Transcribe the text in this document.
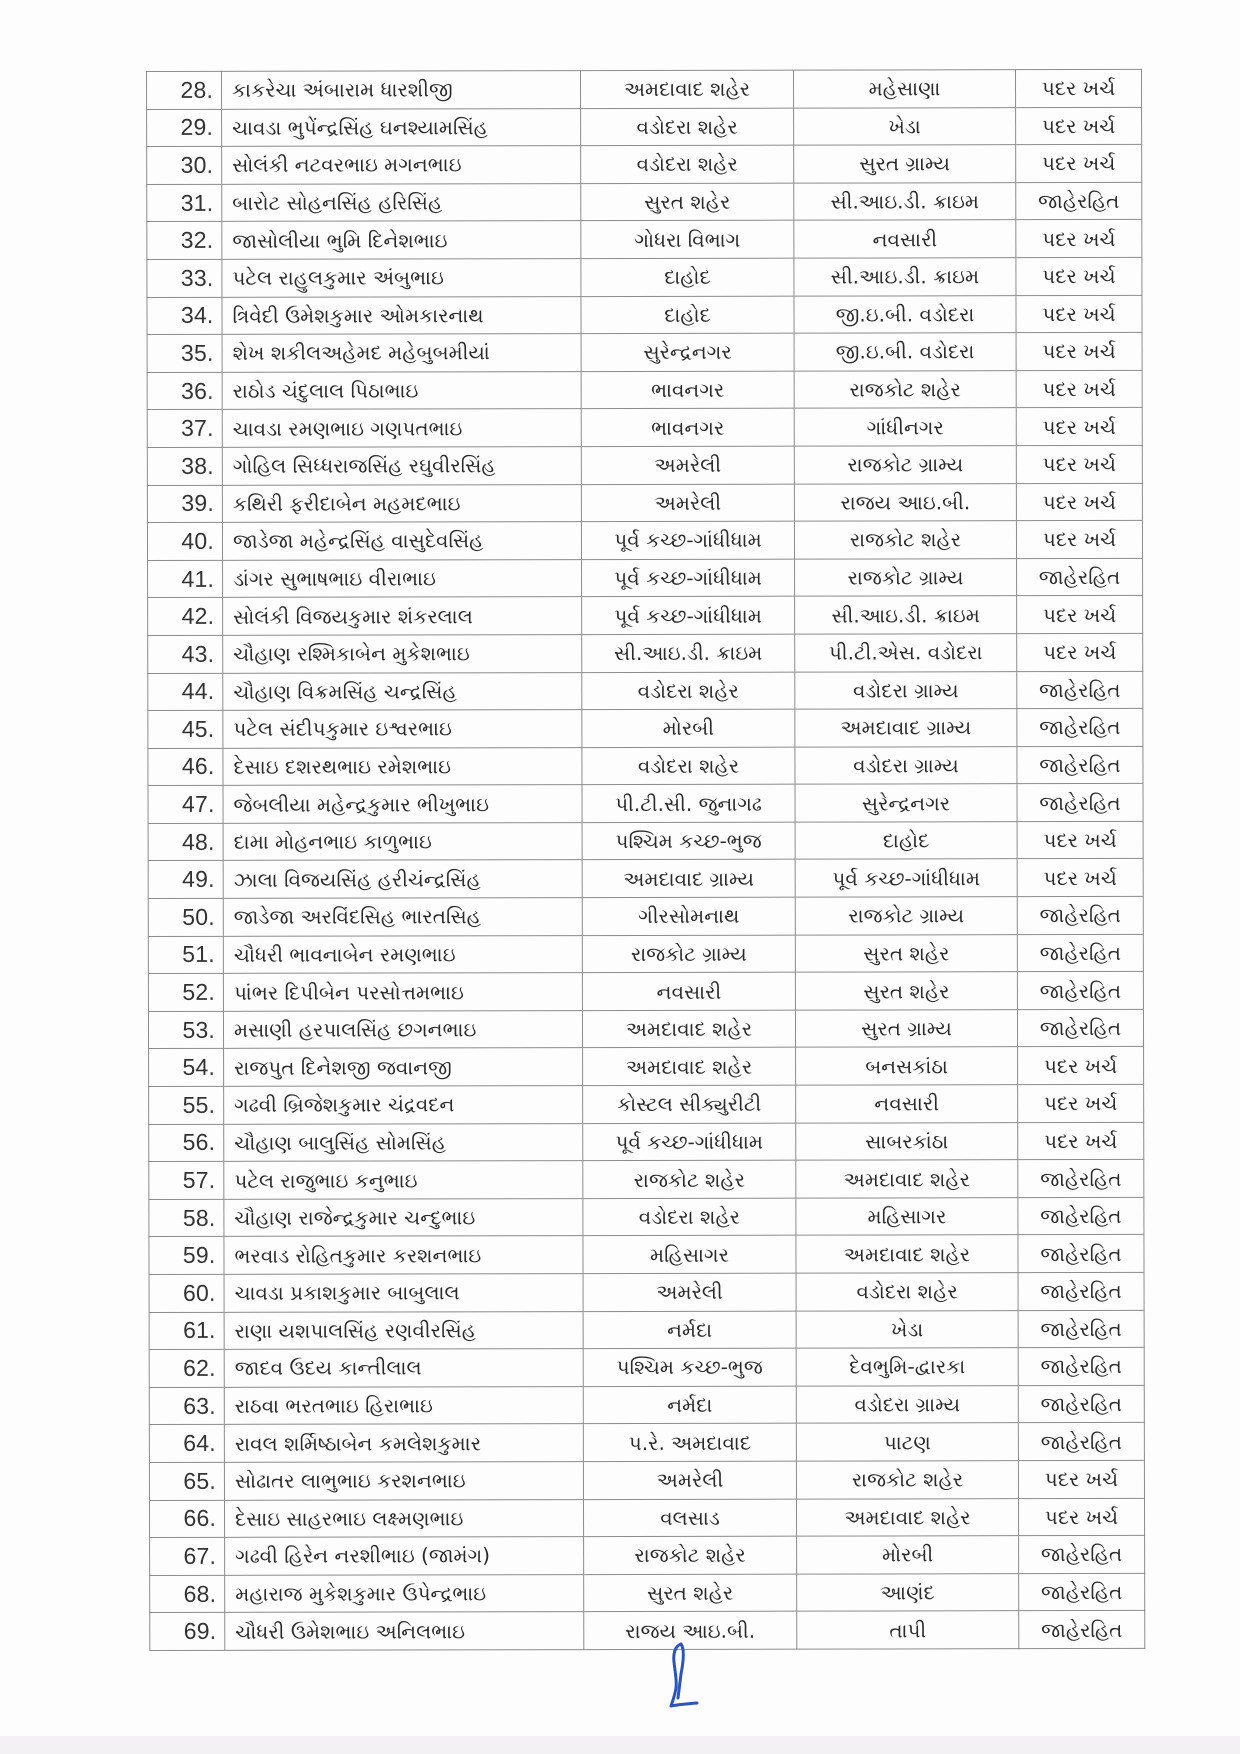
28.	કાકરેચા અંબારામ ધારશીજી	અમદાવાદ શહેર	મહેસાણા	પદર ખર્ચ
29.	ચાવડા ભુપેંન્દ્રસિંહ ઘનશ્યામસિંહ	વડોદરા શહેર	ખેડા	પદર ખર્ચ
30.	સોલંકી નટવરભાઇ મગનભાઇ	વડોદરા શહેર	સુરત ગ્રામ્ય	પદર ખર્ચ
31.	બારોટ સોહનસિંહ હરિસિંહ	સુરત શહેર	સી.આઇ.ડી. ક્રાઇમ	જાહેરહિત
32.	જાસોલીયા ભુમિ દિનેશભાઇ	ગોધરા વિભાગ	નવસારી	પદર ખર્ચ
33.	પટેલ રાહુલકુમાર અંબુભાઇ	દાહોદ	સી.આઇ.ડી. ક્રાઇમ	પદર ખર્ચ
34.	ત્રિવેદી ઉમેશકુમાર ઓમકારનાથ	દાહોદ	જી.ઇ.બી. વડોદરા	પદર ખર્ચ
35.	શેખ શકીલઅહેમદ મહેબુબમીયાં	સુરેન્દ્રનગર	જી.ઇ.બી. વડોદરા	પદર ખર્ચ
36.	રાઠોડ ચંદુલાલ પિઠાભાઇ	ભાવનગર	રાજકોટ શહેર	પદર ખર્ચ
37.	ચાવડા રમણભાઇ ગણપતભાઇ	ભાવનગર	ગાંધીનગર	પદર ખર્ચ
38.	ગોહિલ સિધ્ધરાજસિંહ રઘુવીરસિંહ	અમરેલી	રાજકોટ ગ્રામ્ય	પદર ખર્ચ
39.	કથિરી ફરીદાબેન મહમદભાઇ	અમરેલી	રાજય આઇ.બી.	પદર ખર્ચ
40.	જાડેજા મહેન્દ્રસિંહ વાસુદેવસિંહ	પૂર્વ કચ્છ-ગાંધીધામ	રાજકોટ શહેર	પદર ખર્ચ
41.	ડાંગર સુભાષભાઇ વીરાભાઇ	પૂર્વ કચ્છ-ગાંધીધામ	રાજકોટ ગ્રામ્ય	જાહેરહિત
42.	સોલંકી વિજયકુમાર શંકરલાલ	પૂર્વ કચ્છ-ગાંધીધામ	સી.આઇ.ડી. ક્રાઇમ	પદર ખર્ચ
43.	ચૌહાણ રશ્મિકાબેન મુકેશભાઇ	સી.આઇ.ડી. ક્રાઇમ	પી.ટી.એસ. વડોદરા	પદર ખર્ચ
44.	ચૌહાણ વિક્રમસિંહ ચન્દ્રસિંહ	વડોદરા શહેર	વડોદરા ગ્રામ્ય	જાહેરહિત
45.	પટેલ સંદીપકુમાર ઇશ્વરભાઇ	મોરબી	અમદાવાદ ગ્રામ્ય	જાહેરહિત
46.	દેસાઇ દશરથભાઇ રમેશભાઇ	વડોદરા શહેર	વડોદરા ગ્રામ્ય	જાહેરહિત
47.	જેબલીયા મહેન્દ્રકુમાર ભીખુભાઇ	પી.ટી.સી. જુનાગઢ	સુરેન્દ્રનગર	જાહેરહિત
48.	દામા મોહનભાઇ કાળુભાઇ	પશ્ચિમ કચ્છ-ભુજ	દાહોદ	પદર ખર્ચ
49.	ઝાલા વિજયસિંહ હરીચંન્દ્રસિંહ	અમદાવાદ ગ્રામ્ય	પૂર્વ કચ્છ-ગાંધીધામ	પદર ખર્ચ
50.	જાડેજા અરવિંદસિહ ભારતસિહ	ગીરસોમનાથ	રાજકોટ ગ્રામ્ય	જાહેરહિત
51.	ચૌધરી ભાવનાબેન રમણભાઇ	રાજકોટ ગ્રામ્ય	સુરત શહેર	જાહેરહિત
52.	પાંભર દિપીબેન પરસોત્તમભાઇ	નવસારી	સુરત શહેર	જાહેરહિત
53.	મસાણી હરપાલસિંહ છગનભાઇ	અમદાવાદ શહેર	સુરત ગ્રામ્ય	જાહેરહિત
54.	રાજપુત દિનેશજી જવાનજી	અમદાવાદ શહેર	બનસકાંઠા	પદર ખર્ચ
55.	ગઢવી બ્રિજેશકુમાર ચંદ્રવદન	કોસ્ટલ સીક્યુરીટી	નવસારી	પદર ખર્ચ
56.	ચૌહાણ બાલુસિંહ સોમસિંહ	પૂર્વ કચ્છ-ગાંધીધામ	સાબરકાંઠા	પદર ખર્ચ
57.	પટેલ રાજુભાઇ કનુભાઇ	રાજકોટ શહેર	અમદાવાદ શહેર	જાહેરહિત
58.	ચૌહાણ રાજેન્દ્રકુમાર ચન્દુભાઇ	વડોદરા શહેર	મહિસાગર	જાહેરહિત
59.	ભરવાડ રોહિતકુમાર કરશનભાઇ	મહિસાગર	અમદાવાદ શહેર	જાહેરહિત
60.	ચાવડા પ્રકાશકુમાર બાબુલાલ	અમરેલી	વડોદરા શહેર	જાહેરહિત
61.	રાણા યશપાલસિંહ રણવીરસિંહ	નર્મદા	ખેડા	જાહેરહિત
62.	જાદવ ઉદય કાન્તીલાલ	પશ્ચિમ કચ્છ-ભુજ	દેવભુમિ-દ્વારકા	જાહેરહિત
63.	રાઠવા ભરતભાઇ હિરાભાઇ	નર્મદા	વડોદરા ગ્રામ્ય	જાહેરહિત
64.	રાવલ શર્મિષ્ઠાબેન કમલેશકુમાર	પ.રે. અમદાવાદ	પાટણ	જાહેરહિત
65.	સોઢાતર લાભુભાઇ કરશનભાઇ	અમરેલી	રાજકોટ શહેર	પદર ખર્ચ
66.	દેસાઇ સાહરભાઇ લક્ષ્મણભાઇ	વલસાડ	અમદાવાદ શહેર	પદર ખર્ચ
67.	ગઢવી હિરેન નરશીભાઇ (જામંગ)	રાજકોટ શહેર	મોરબી	જાહેરહિત
68.	મહારાજ મુકેશકુમાર ઉપેન્દ્રભાઇ	સુરત શહેર	આણંદ	જાહેરહિત
69.	ચૌધરી ઉમેશભાઇ અનિલભાઇ	રાજય આઇ.બી.	તાપી	જાહેરહિત
